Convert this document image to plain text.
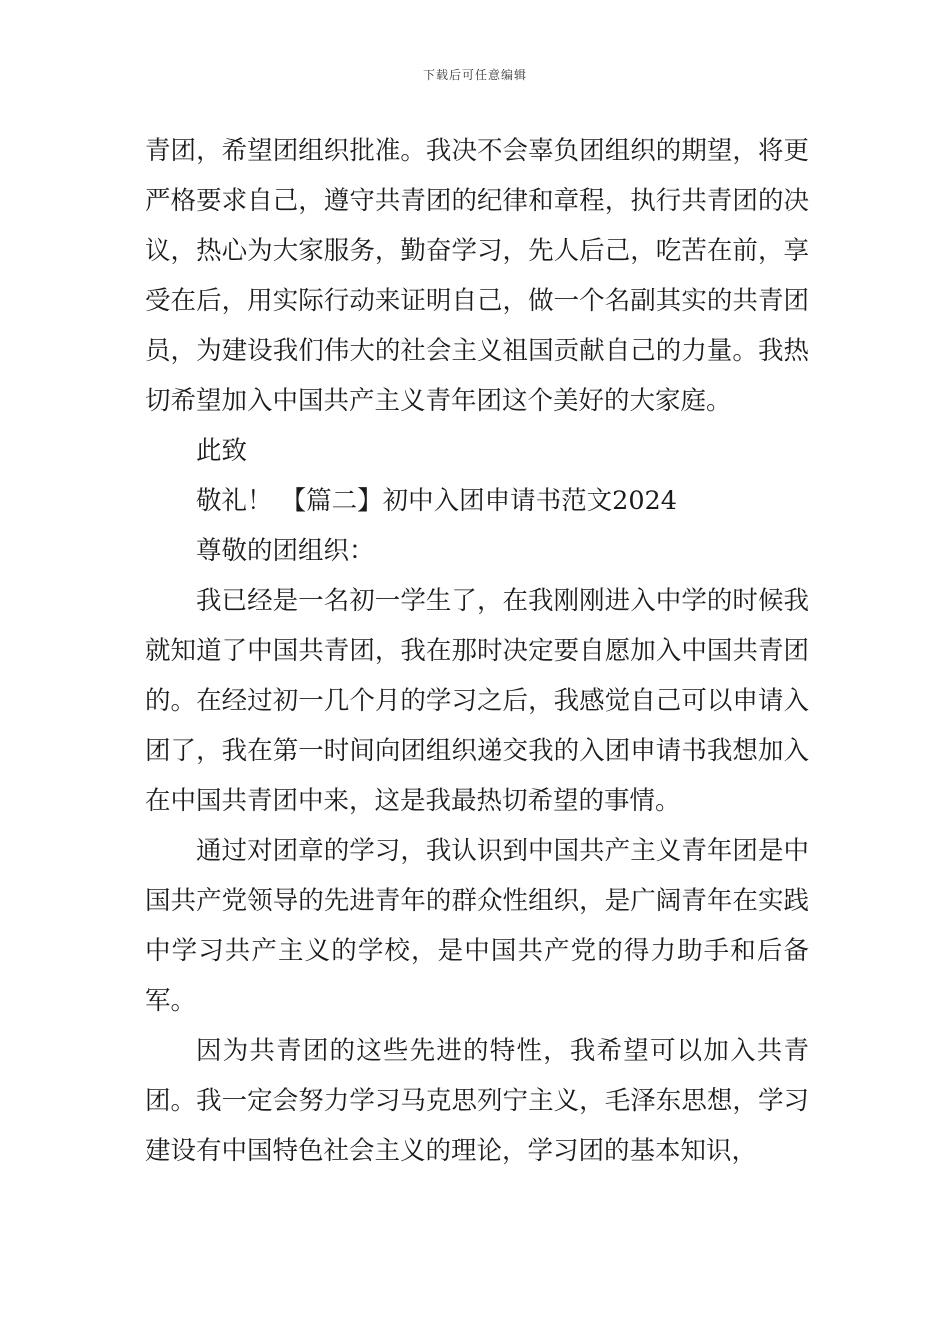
下载后可任意编辑

青团，希望团组织批准。我决不会辜负团组织的期望，将更严格要求自己，遵守共青团的纪律和章程，执行共青团的决议，热心为大家服务，勤奋学习，先人后己，吃苦在前，享受在后，用实际行动来证明自己，做一个名副其实的共青团员，为建设我们伟大的社会主义祖国贡献自己的力量。我热切希望加入中国共产主义青年团这个美好的大家庭。

此致

敬礼！ 【篇二】初中入团申请书范文2024

尊敬的团组织：

我已经是一名初一学生了，在我刚刚进入中学的时候我就知道了中国共青团，我在那时决定要自愿加入中国共青团的。在经过初一几个月的学习之后，我感觉自己可以申请入团了，我在第一时间向团组织递交我的入团申请书我想加入在中国共青团中来，这是我最热切希望的事情。

通过对团章的学习，我认识到中国共产主义青年团是中国共产党领导的先进青年的群众性组织，是广阔青年在实践中学习共产主义的学校，是中国共产党的得力助手和后备军。

因为共青团的这些先进的特性，我希望可以加入共青团。我一定会努力学习马克思列宁主义，毛泽东思想，学习建设有中国特色社会主义的理论，学习团的基本知识，
